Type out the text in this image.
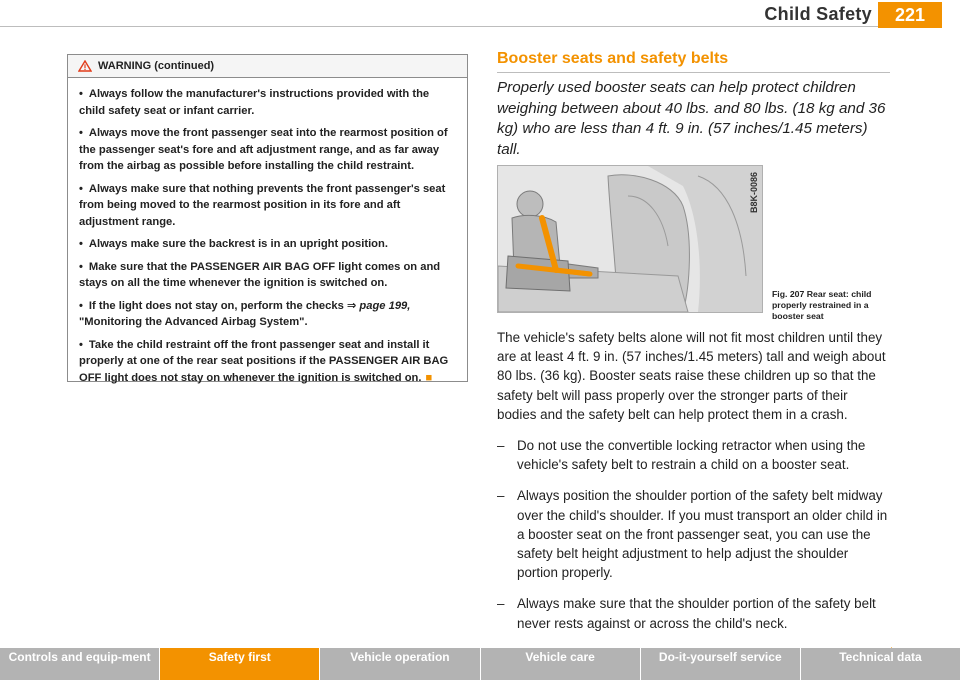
Child Safety	221
WARNING (continued)

• Always follow the manufacturer's instructions provided with the child safety seat or infant carrier.

• Always move the front passenger seat into the rearmost position of the passenger seat's fore and aft adjustment range, and as far away from the airbag as possible before installing the child restraint.

• Always make sure that nothing prevents the front passenger's seat from being moved to the rearmost position in its fore and aft adjustment range.

• Always make sure the backrest is in an upright position.

• Make sure that the PASSENGER AIR BAG OFF light comes on and stays on all the time whenever the ignition is switched on.

• If the light does not stay on, perform the checks ⇒ page 199, "Monitoring the Advanced Airbag System".

• Take the child restraint off the front passenger seat and install it properly at one of the rear seat positions if the PASSENGER AIR BAG OFF light does not stay on whenever the ignition is switched on. ■

Booster seats and safety belts
Properly used booster seats can help protect children weighing between about 40 lbs. and 80 lbs. (18 kg and 36 kg) who are less than 4 ft. 9 in. (57 inches/1.45 meters) tall.
B8K-0086
Fig. 207 Rear seat: child properly restrained in a booster seat

The vehicle's safety belts alone will not fit most children until they are at least 4 ft. 9 in. (57 inches/1.45 meters) tall and weigh about 80 lbs. (36 kg). Booster seats raise these children up so that the safety belt will pass properly over the stronger parts of their bodies and the safety belt can help protect them in a crash.

– Do not use the convertible locking retractor when using the vehicle's safety belt to restrain a child on a booster seat.
– Always position the shoulder portion of the safety belt midway over the child's shoulder. If you must transport an older child in a booster seat on the front passenger seat, you can use the safety belt height adjustment to help adjust the shoulder portion properly.
– Always make sure that the shoulder portion of the safety belt never rests against or across the child's neck.
Controls and equip-ment	Safety first	Vehicle operation	Vehicle care	Do-it-yourself service	Technical data
